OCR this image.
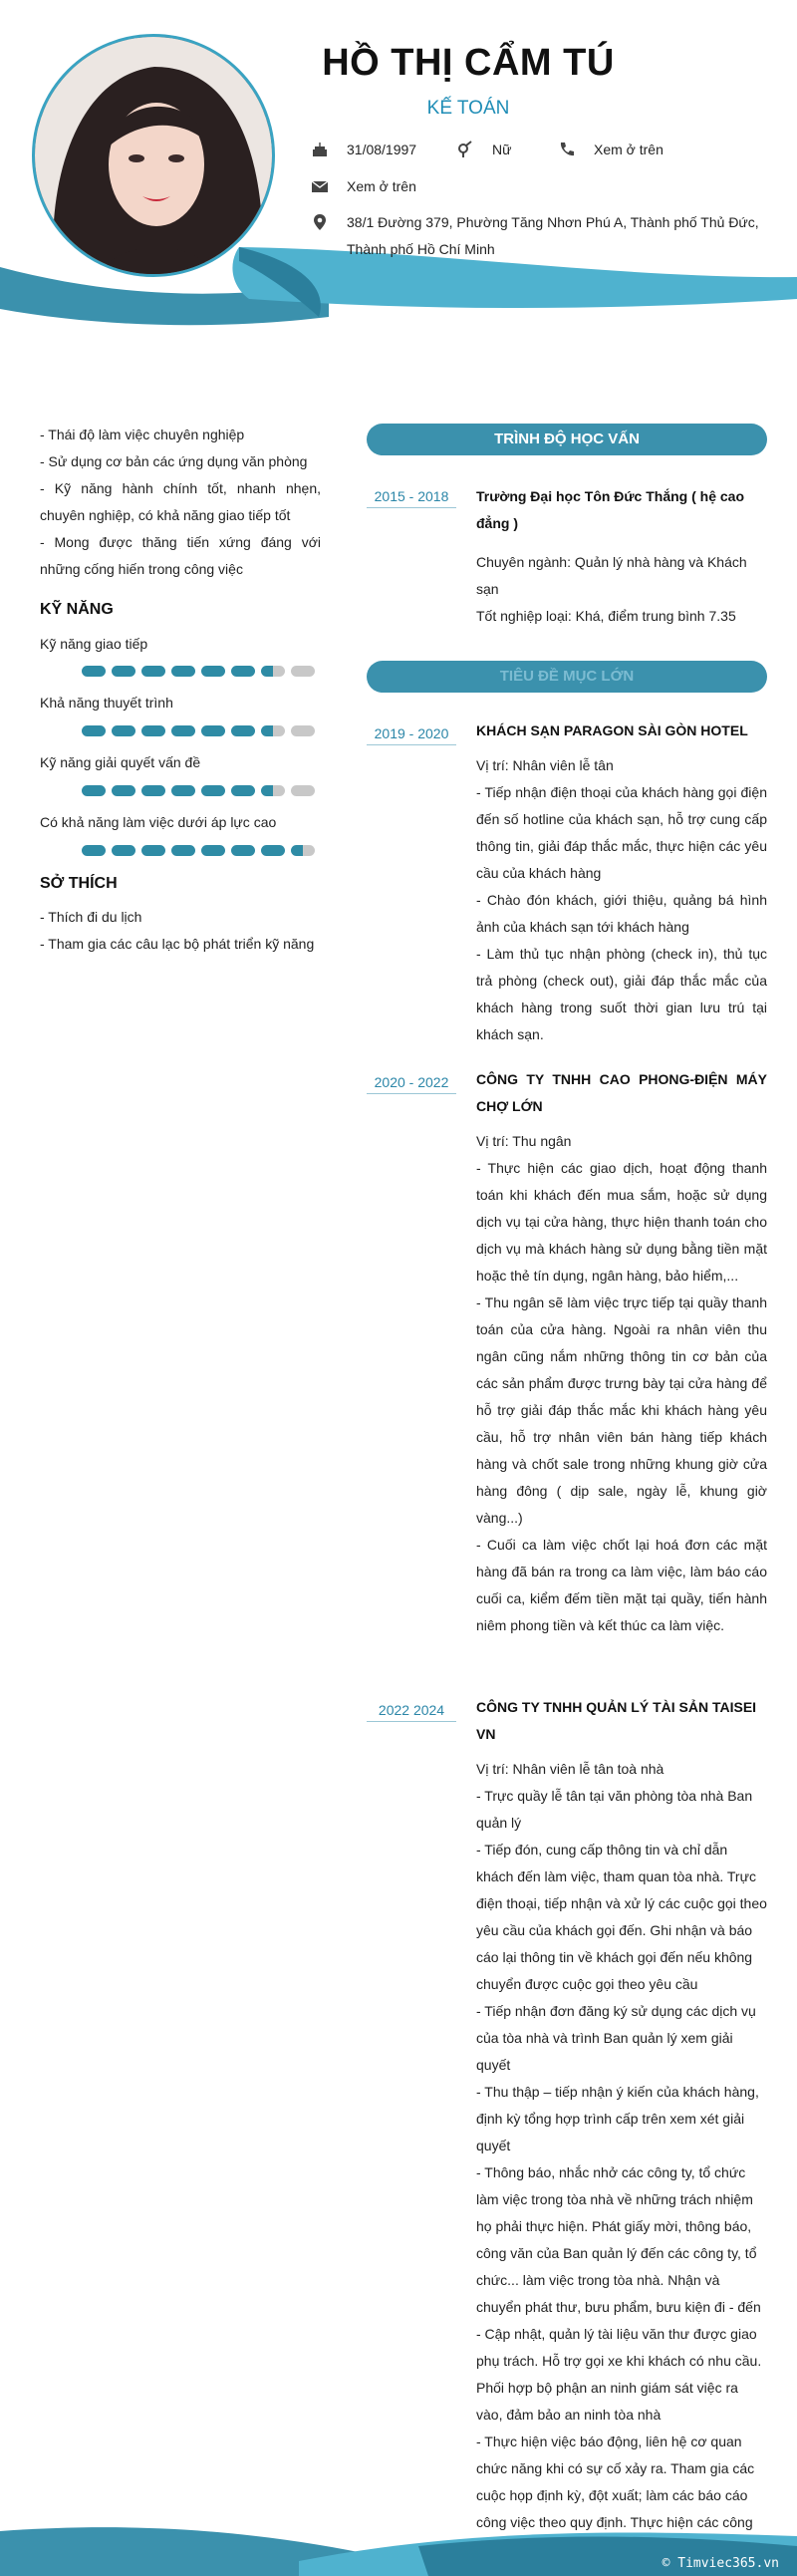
HỒ THỊ CẨM TÚ
KẾ TOÁN
31/08/1997	Nữ	Xem ở trên
Xem ở trên
38/1 Đường 379, Phường Tăng Nhơn Phú A, Thành phố Thủ Đức,
Thành phố Hồ Chí Minh
- Thái độ làm việc chuyên nghiệp
- Sử dụng cơ bản các ứng dụng văn phòng
- Kỹ năng hành chính tốt, nhanh nhẹn, chuyên nghiệp, có khả năng giao tiếp tốt
- Mong được thăng tiến xứng đáng với những cống hiến trong công việc
KỸ NĂNG
Kỹ năng giao tiếp
Khả năng thuyết trình
Kỹ năng giải quyết vấn đề
Có khả năng làm việc dưới áp lực cao
SỞ THÍCH
- Thích đi du lịch
- Tham gia các câu lạc bộ phát triển kỹ năng
TRÌNH ĐỘ HỌC VẤN
2015 - 2018	Trường Đại học Tôn Đức Thắng ( hệ cao đẳng )
Chuyên ngành: Quản lý nhà hàng và Khách sạn
Tốt nghiệp loại: Khá, điểm trung bình 7.35
TIÊU ĐỀ MỤC LỚN
2019 - 2020	KHÁCH SẠN PARAGON SÀI GÒN HOTEL
Vị trí: Nhân viên lễ tân
- Tiếp nhận điện thoại của khách hàng gọi điện đến số hotline của khách sạn, hỗ trợ cung cấp thông tin, giải đáp thắc mắc, thực hiện các yêu cầu của khách hàng
- Chào đón khách, giới thiệu, quảng bá hình ảnh của khách sạn tới khách hàng
- Làm thủ tục nhận phòng (check in), thủ tục trả phòng (check out), giải đáp thắc mắc của khách hàng trong suốt thời gian lưu trú tại khách sạn.
2020 - 2022	CÔNG TY TNHH CAO PHONG-ĐIỆN MÁY CHỢ LỚN
Vị trí: Thu ngân
- Thực hiện các giao dịch, hoạt động thanh toán khi khách đến mua sắm, hoặc sử dụng dịch vụ tại cửa hàng, thực hiện thanh toán cho dịch vụ mà khách hàng sử dụng bằng tiền mặt hoặc thẻ tín dụng, ngân hàng, bảo hiểm,...
- Thu ngân sẽ làm việc trực tiếp tại quầy thanh toán của cửa hàng. Ngoài ra nhân viên thu ngân cũng nắm những thông tin cơ bản của các sản phẩm được trưng bày tại cửa hàng để hỗ trợ giải đáp thắc mắc khi khách hàng yêu cầu, hỗ trợ nhân viên bán hàng tiếp khách hàng và chốt sale trong những khung giờ cửa hàng đông ( dịp sale, ngày lễ, khung giờ vàng...)
- Cuối ca làm việc chốt lại hoá đơn các mặt hàng đã bán ra trong ca làm việc, làm báo cáo cuối ca, kiểm đếm tiền mặt tại quầy, tiến hành niêm phong tiền và kết thúc ca làm việc.
2022 2024	CÔNG TY TNHH QUẢN LÝ TÀI SẢN TAISEI VN
Vị trí: Nhân viên lễ tân toà nhà
- Trực quầy lễ tân tại văn phòng tòa nhà Ban quản lý
- Tiếp đón, cung cấp thông tin và chỉ dẫn khách đến làm việc, tham quan tòa nhà. Trực điện thoại, tiếp nhận và xử lý các cuộc gọi theo yêu cầu của khách gọi đến. Ghi nhận và báo cáo lại thông tin về khách gọi đến nếu không chuyển được cuộc gọi theo yêu cầu
- Tiếp nhận đơn đăng ký sử dụng các dịch vụ của tòa nhà và trình Ban quản lý xem giải quyết
- Thu thập – tiếp nhận ý kiến của khách hàng, định kỳ tổng hợp trình cấp trên xem xét giải quyết
- Thông báo, nhắc nhở các công ty, tổ chức làm việc trong tòa nhà về những trách nhiệm họ phải thực hiện. Phát giấy mời, thông báo, công văn của Ban quản lý đến các công ty, tổ chức... làm việc trong tòa nhà. Nhận và chuyển phát thư, bưu phẩm, bưu kiện đi - đến
- Cập nhật, quản lý tài liệu văn thư được giao phụ trách. Hỗ trợ gọi xe khi khách có nhu cầu. Phối hợp bộ phận an ninh giám sát việc ra vào, đảm bảo an ninh tòa nhà
- Thực hiện việc báo động, liên hệ cơ quan chức năng khi có sự cố xảy ra. Tham gia các cuộc họp định kỳ, đột xuất; làm các báo cáo công việc theo quy định. Thực hiện các công
© Timviec365.vn
